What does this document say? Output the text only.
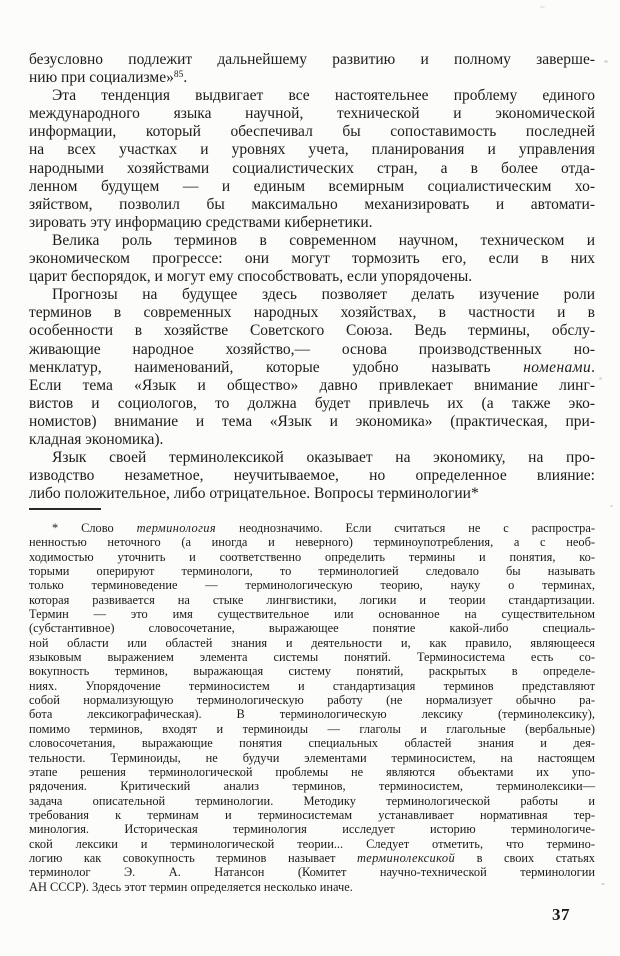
безусловно подлежит дальнейшему развитию и полному заверше-
нию при социализме»$^{85}$.
Эта тенденция выдвигает все настоятельнее проблему единого
международного языка научной, технической и экономической
информации, который обеспечивал бы сопоставимость последней
на всех участках и уровнях учета, планирования и управления
народными хозяйствами социалистических стран, а в более отда-
ленном будущем — и единым всемирным социалистическим хо-
зяйством, позволил бы максимально механизировать и автомати-
зировать эту информацию средствами кибернетики.
Велика роль терминов в современном научном, техническом и
экономическом прогрессе: они могут тормозить его, если в них
царит беспорядок, и могут ему способствовать, если упорядочены.
Прогнозы на будущее здесь позволяет делать изучение роли
терминов в современных народных хозяйствах, в частности и в
особенности в хозяйстве Советского Союза. Ведь термины, обслу-
живающие народное хозяйство,— основа производственных но-
менклатур, наименований, которые удобно называть номенами.
Если тема «Язык и общество» давно привлекает внимание линг-
вистов и социологов, то должна будет привлечь их (а также эко-
номистов) внимание и тема «Язык и экономика» (практическая, при-
кладная экономика).
Язык своей терминолексикой оказывает на экономику, на про-
изводство незаметное, неучитываемое, но определенное влияние:
либо положительное, либо отрицательное. Вопросы терминологии*
* Слово терминология неоднозначимо. Если считаться не с распростра-
ненностью неточного (а иногда и неверного) терминоупотребления, а с необ-
ходимостью уточнить и соответственно определить термины и понятия, ко-
торыми оперируют терминологи, то терминологией следовало бы называть
только терминоведение — терминологическую теорию, науку о терминах,
которая развивается на стыке лингвистики, логики и теории стандартизации.
Термин — это имя существительное или основанное на существительном
(субстантивное) словосочетание, выражающее понятие какой-либо специаль-
ной области или областей знания и деятельности и, как правило, являющееся
языковым выражением элемента системы понятий. Терминосистема есть со-
вокупность терминов, выражающая систему понятий, раскрытых в определе-
ниях. Упорядочение терминосистем и стандартизация терминов представляют
собой нормализующую терминологическую работу (не нормализует обычно ра-
бота лексикографическая). В терминологическую лексику (терминолексику),
помимо терминов, входят и терминоиды — глаголы и глагольные (вербальные)
словосочетания, выражающие понятия специальных областей знания и дея-
тельности. Терминоиды, не будучи элементами терминосистем, на настоящем
этапе решения терминологической проблемы не являются объектами их упо-
рядочения. Критический анализ терминов, терминосистем, терминолексики—
задача описательной терминологии. Методику терминологической работы и
требования к терминам и терминосистемам устанавливает нормативная тер-
минология. Историческая терминология исследует историю терминологиче-
ской лексики и терминологической теории... Следует отметить, что термино-
логию как совокупность терминов называет терминолексикой в своих статьях
терминолог Э. А. Натансон (Комитет научно-технической терминологии
АН СССР). Здесь этот термин определяется несколько иначе.
37
